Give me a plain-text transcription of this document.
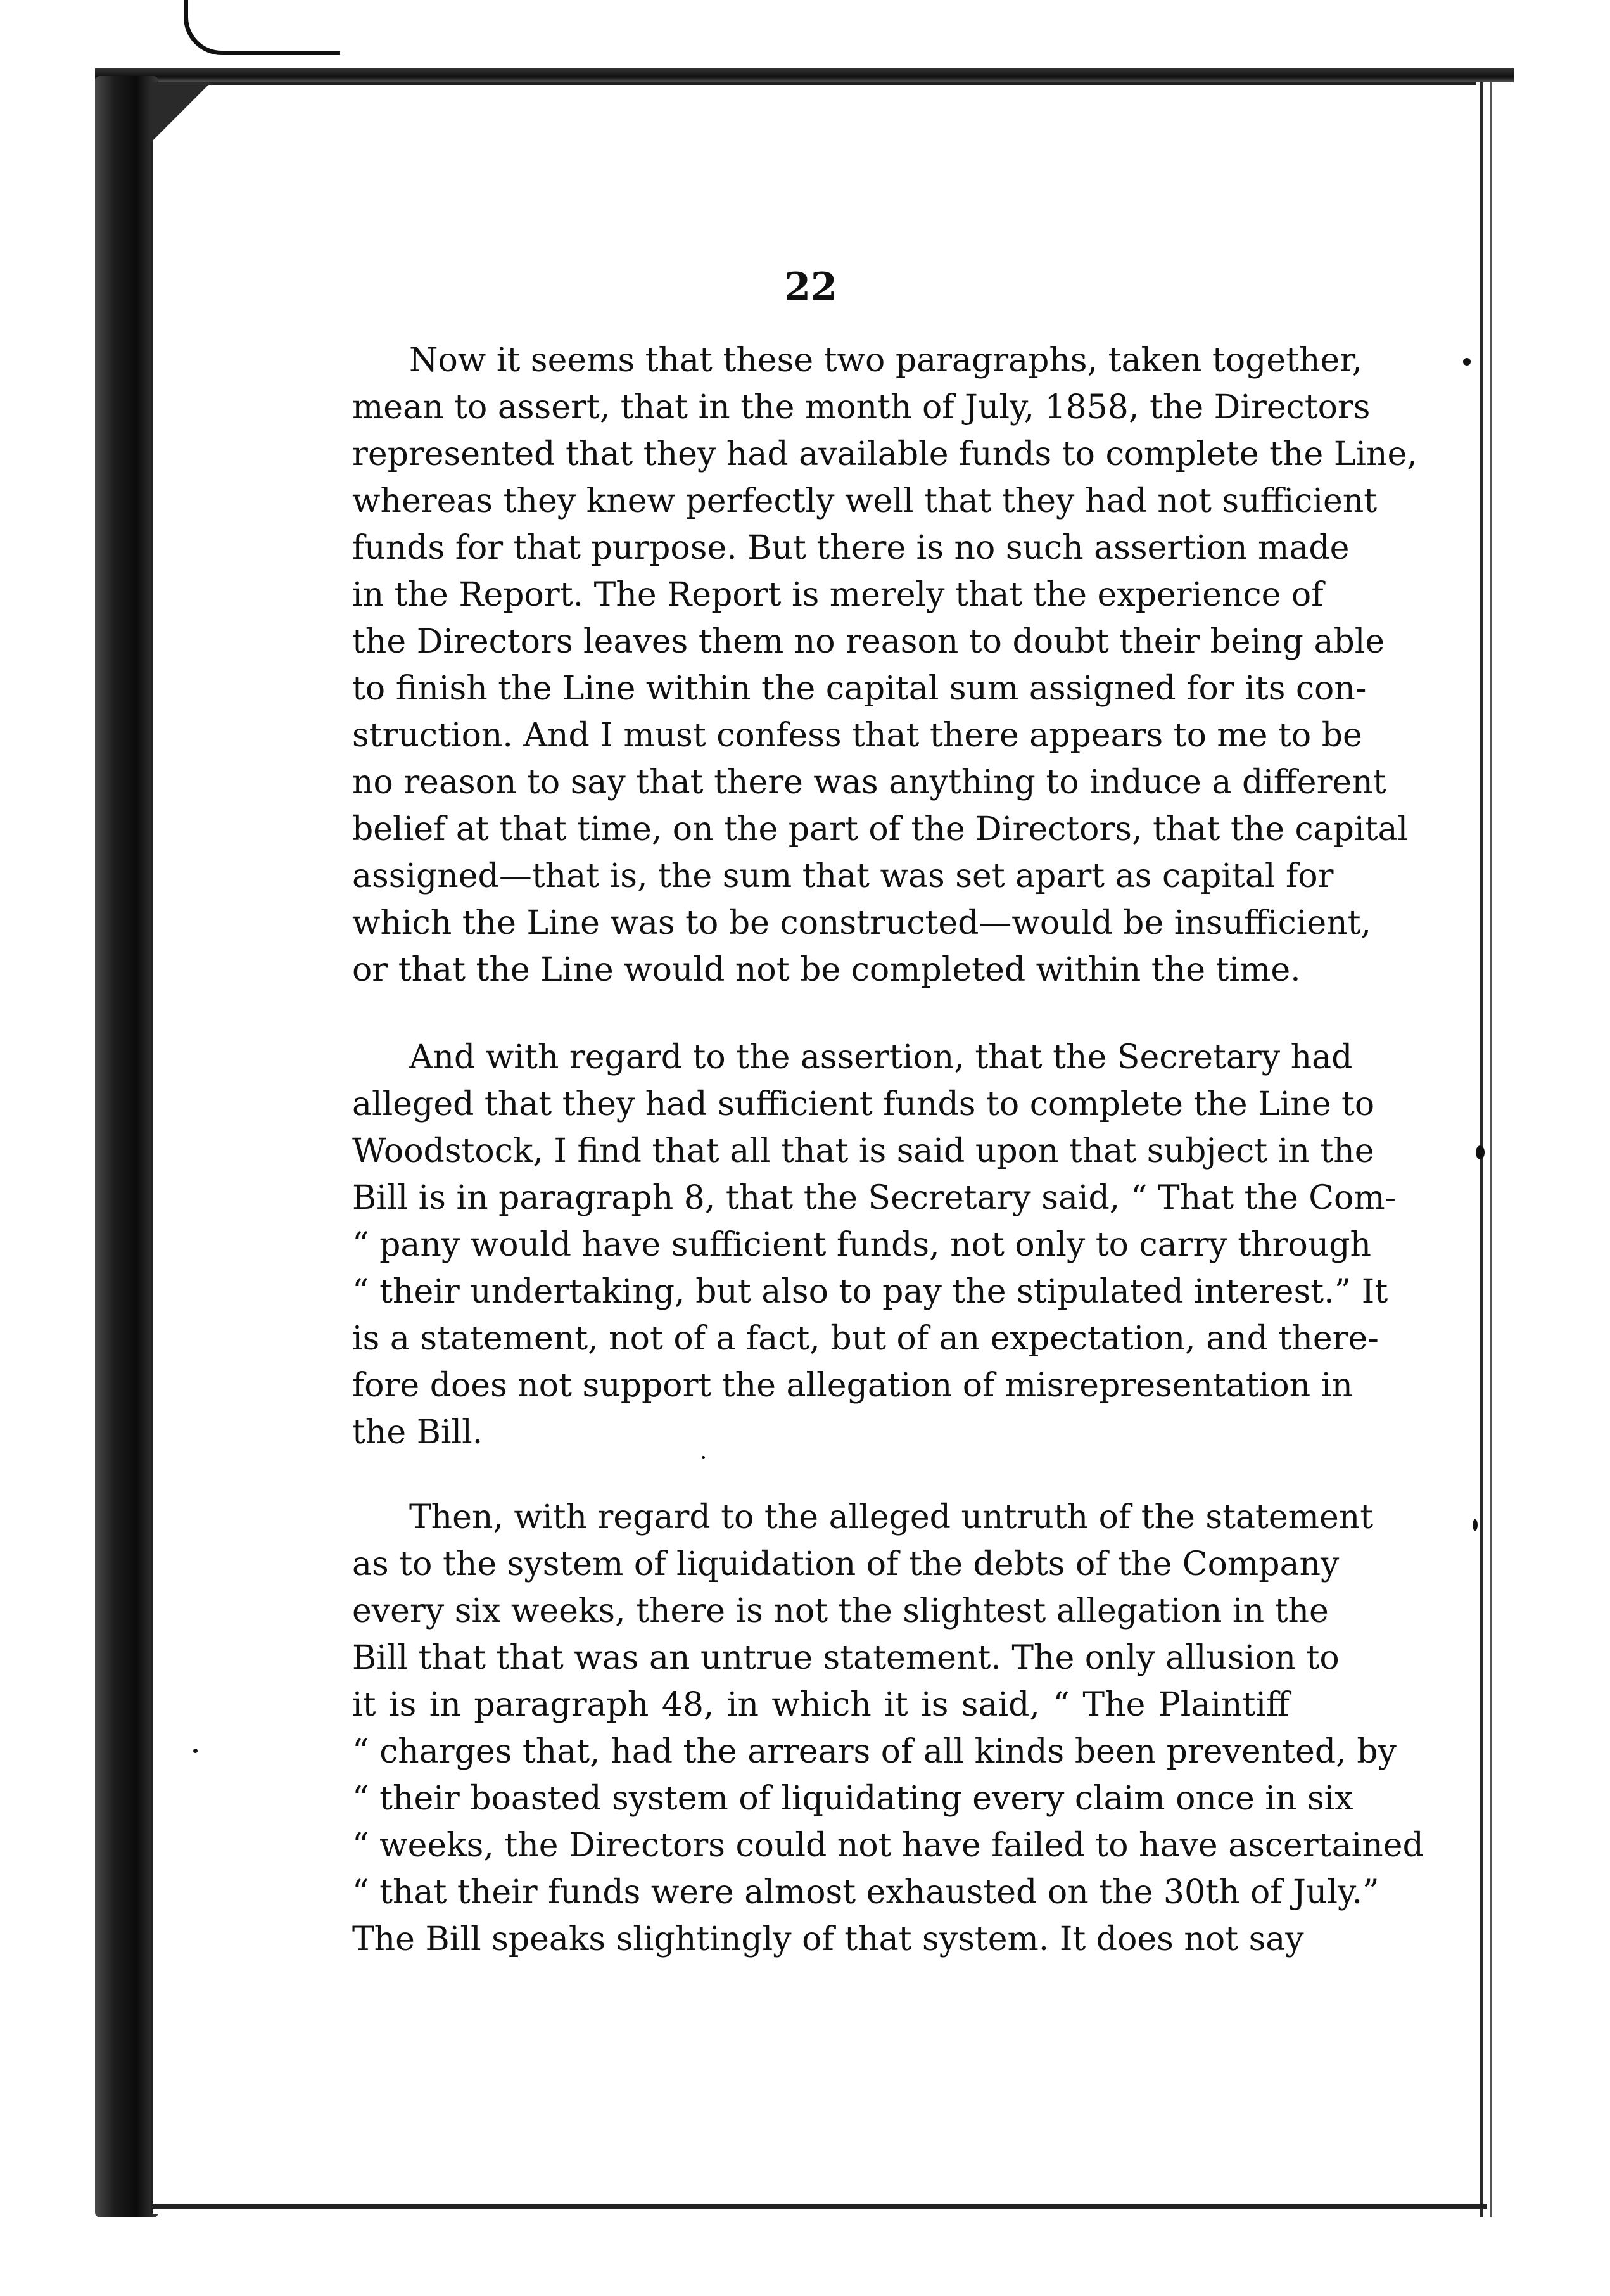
22
Now it seems that these two paragraphs, taken together,
mean to assert, that in the month of July, 1858, the Directors
represented that they had available funds to complete the Line,
whereas they knew perfectly well that they had not sufficient
funds for that purpose. But there is no such assertion made
in the Report. The Report is merely that the experience of
the Directors leaves them no reason to doubt their being able
to finish the Line within the capital sum assigned for its con-
struction. And I must confess that there appears to me to be
no reason to say that there was anything to induce a different
belief at that time, on the part of the Directors, that the capital
assigned—that is, the sum that was set apart as capital for
which the Line was to be constructed—would be insufficient,
or that the Line would not be completed within the time.
And with regard to the assertion, that the Secretary had
alleged that they had sufficient funds to complete the Line to
Woodstock, I find that all that is said upon that subject in the
Bill is in paragraph 8, that the Secretary said, “ That the Com-
“ pany would have sufficient funds, not only to carry through
“ their undertaking, but also to pay the stipulated interest.” It
is a statement, not of a fact, but of an expectation, and there-
fore does not support the allegation of misrepresentation in
the Bill.
Then, with regard to the alleged untruth of the statement
as to the system of liquidation of the debts of the Company
every six weeks, there is not the slightest allegation in the
Bill that that was an untrue statement. The only allusion to
it is in paragraph 48, in which it is said, “ The Plaintiff
“ charges that, had the arrears of all kinds been prevented, by
“ their boasted system of liquidating every claim once in six
“ weeks, the Directors could not have failed to have ascertained
“ that their funds were almost exhausted on the 30th of July.”
The Bill speaks slightingly of that system. It does not say
